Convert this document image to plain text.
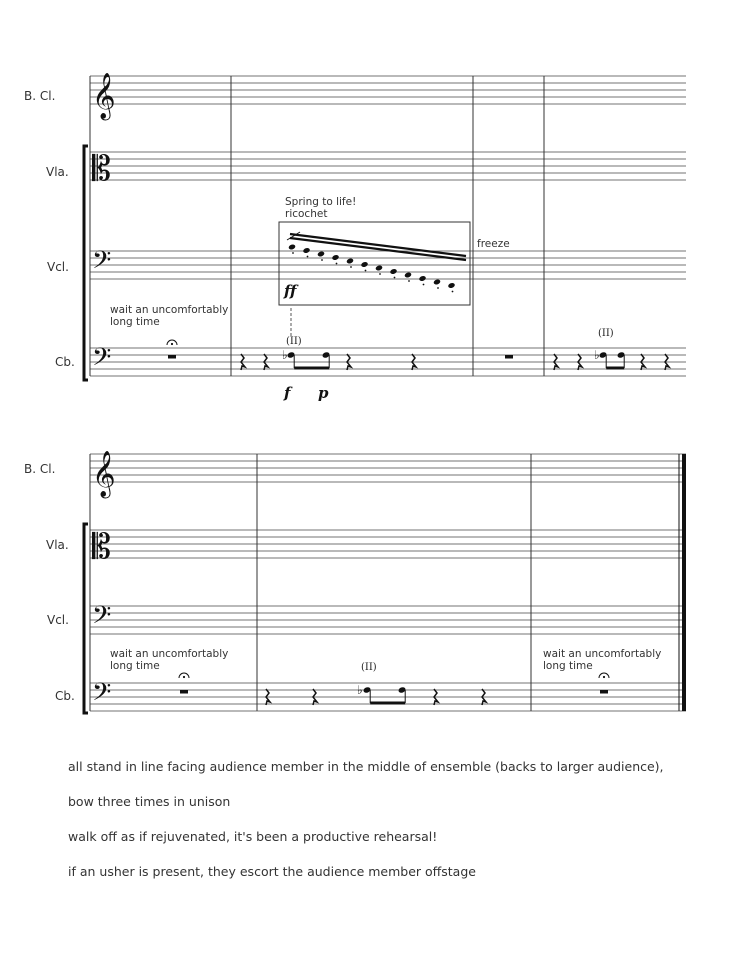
𝄞
𝄡
𝄢
𝄢	♭	♭
𝄞
𝄡
𝄢
𝄢	♭
B. Cl.
Vla.
Vcl.
Cb.
B. Cl.
Vla.
Vcl.
Cb.
Spring to life!
ricochet
ff
freeze
wait an uncomfortably
long time
(II)
(II)
f p
wait an uncomfortably
long time	(II)
wait an uncomfortably
long time

all stand in line facing audience member in the middle of ensemble (backs to larger audience),

bow three times in unison

walk off as if rejuvenated, it's been a productive rehearsal!

if an usher is present, they escort the audience member offstage
